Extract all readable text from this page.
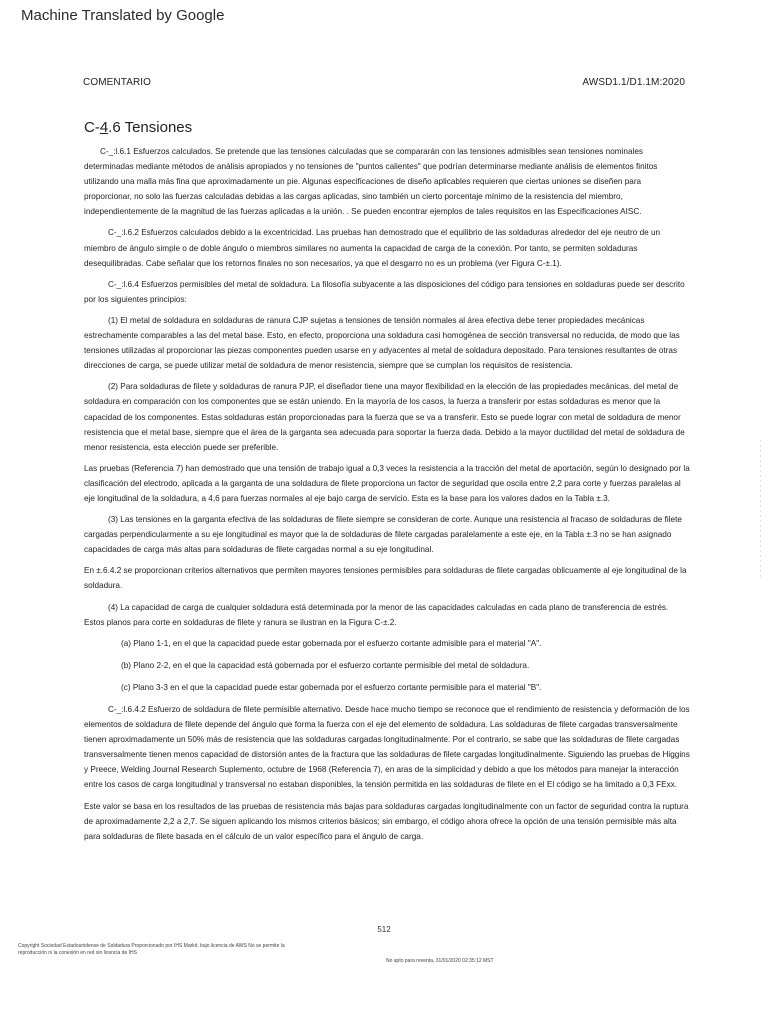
Machine Translated by Google
COMENTARIO	AWSD1.1/D1.1M:2020
C-4.6 Tensiones

C-_:l.6.1 Esfuerzos calculados. Se pretende que las tensiones calculadas que se compararán con las tensiones admisibles sean tensiones nominales determinadas mediante métodos de análisis apropiados y no tensiones de "puntos calientes" que podrían determinarse mediante análisis de elementos finitos utilizando una malla más fina que aproximadamente un pie. Algunas especificaciones de diseño aplicables requieren que ciertas uniones se diseñen para proporcionar, no solo las fuerzas calculadas debidas a las cargas aplicadas, sino también un cierto porcentaje mínimo de la resistencia del miembro, independientemente de la magnitud de las fuerzas aplicadas a la unión. . Se pueden encontrar ejemplos de tales requisitos en las Especificaciones AISC.

C-_:l.6.2 Esfuerzos calculados debido a la excentricidad. Las pruebas han demostrado que el equilibrio de las soldaduras alrededor del eje neutro de un miembro de ángulo simple o de doble ángulo o miembros similares no aumenta la capacidad de carga de la conexión. Por tanto, se permiten soldaduras desequilibradas. Cabe señalar que los retornos finales no son necesarios, ya que el desgarro no es un problema (ver Figura C-±.1).

C-_:l.6.4 Esfuerzos permisibles del metal de soldadura. La filosofía subyacente a las disposiciones del código para tensiones en soldaduras puede ser descrito por los siguientes principios:

(1) El metal de soldadura en soldaduras de ranura CJP sujetas a tensiones de tensión normales al área efectiva debe tener propiedades mecánicas estrechamente comparables a las del metal base. Esto, en efecto, proporciona una soldadura casi homogénea de sección transversal no reducida, de modo que las tensiones utilizadas al proporcionar las piezas componentes pueden usarse en y adyacentes al metal de soldadura depositado. Para tensiones resultantes de otras direcciones de carga, se puede utilizar metal de soldadura de menor resistencia, siempre que se cumplan los requisitos de resistencia.

(2) Para soldaduras de filete y soldaduras de ranura PJP, el diseñador tiene una mayor flexibilidad en la elección de las propiedades mecánicas. del metal de soldadura en comparación con los componentes que se están uniendo. En la mayoría de los casos, la fuerza a transferir por estas soldaduras es menor que la capacidad de los componentes. Estas soldaduras están proporcionadas para la fuerza que se va a transferir. Esto se puede lograr con metal de soldadura de menor resistencia que el metal base, siempre que el área de la garganta sea adecuada para soportar la fuerza dada. Debido a la mayor ductilidad del metal de soldadura de menor resistencia, esta elección puede ser preferible.

Las pruebas (Referencia 7) han demostrado que una tensión de trabajo igual a 0,3 veces la resistencia a la tracción del metal de aportación, según lo designado por la clasificación del electrodo, aplicada a la garganta de una soldadura de filete proporciona un factor de seguridad que oscila entre 2,2 para corte y fuerzas paralelas al eje longitudinal de la soldadura, a 4,6 para fuerzas normales al eje bajo carga de servicio. Esta es la base para los valores dados en la Tabla ±.3.

(3) Las tensiones en la garganta efectiva de las soldaduras de filete siempre se consideran de corte. Aunque una resistencia al fracaso de soldaduras de filete cargadas perpendicularmente a su eje longitudinal es mayor que la de soldaduras de filete cargadas paralelamente a este eje, en la Tabla ±.3 no se han asignado capacidades de carga más altas para soldaduras de filete cargadas normal a su eje longitudinal.

En ±.6.4.2 se proporcionan criterios alternativos que permiten mayores tensiones permisibles para soldaduras de filete cargadas oblicuamente al eje longitudinal de la soldadura.

(4) La capacidad de carga de cualquier soldadura está determinada por la menor de las capacidades calculadas en cada plano de transferencia de estrés. Estos planos para corte en soldaduras de filete y ranura se ilustran en la Figura C-±.2.

(a) Plano 1-1, en el que la capacidad puede estar gobernada por el esfuerzo cortante admisible para el material "A".

(b) Plano 2-2, en el que la capacidad está gobernada por el esfuerzo cortante permisible del metal de soldadura.

(c) Plano 3-3 en el que la capacidad puede estar gobernada por el esfuerzo cortante permisible para el material "B".

C-_:l.6.4.2 Esfuerzo de soldadura de filete permisible alternativo. Desde hace mucho tiempo se reconoce que el rendimiento de resistencia y deformación de los elementos de soldadura de filete depende del ángulo que forma la fuerza con el eje del elemento de soldadura. Las soldaduras de filete cargadas transversalmente tienen aproximadamente un 50% más de resistencia que las soldaduras cargadas longitudinalmente. Por el contrario, se sabe que las soldaduras de filete cargadas transversalmente tienen menos capacidad de distorsión antes de la fractura que las soldaduras de filete cargadas longitudinalmente. Siguiendo las pruebas de Higgins y Preece, Welding Journal Research Suplemento, octubre de 1968 (Referencia 7), en aras de la simplicidad y debido a que los métodos para manejar la interacción entre los casos de carga longitudinal y transversal no estaban disponibles, la tensión permitida en las soldaduras de filete en el El código se ha limitado a 0,3 FExx.

Este valor se basa en los resultados de las pruebas de resistencia más bajas para soldaduras cargadas longitudinalmente con un factor de seguridad contra la ruptura de aproximadamente 2,2 a 2,7. Se siguen aplicando los mismos criterios básicos; sin embargo, el código ahora ofrece la opción de una tensión permisible más alta para soldaduras de filete basada en el cálculo de un valor específico para el ángulo de carga.

512
Copyright Sociedad Estadounidense de Soldadura Proporcionado por IHS Markit, bajo licencia de AWS No se permite la reproducción ni la conexión en red sin licencia de IHS
No apto para reventa, 31/01/2020 02:35:12 MST
